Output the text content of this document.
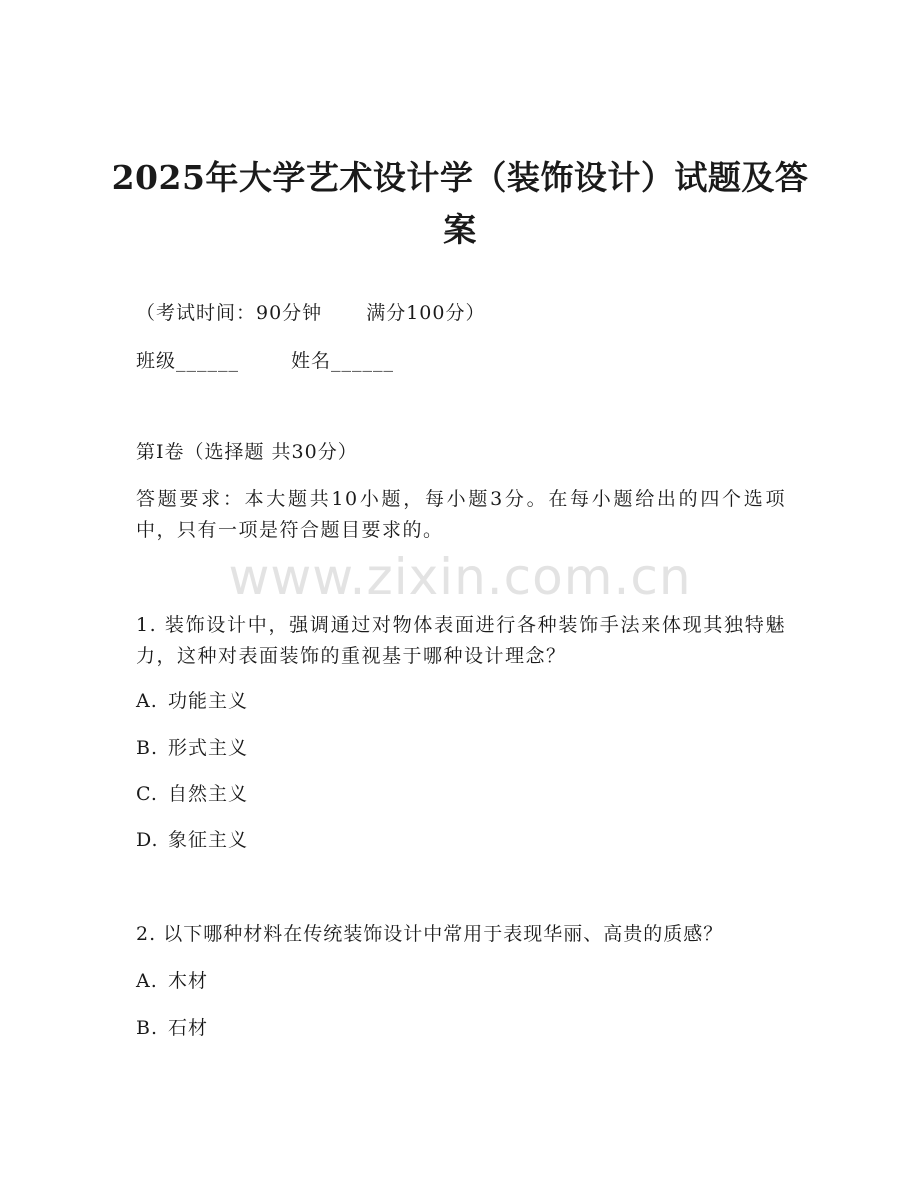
2025年大学艺术设计学（装饰设计）试题及答案
（考试时间：90分钟 满分100分）
班级______	姓名______
第I卷（选择题 共30分）
答题要求：本大题共10小题，每小题3分。在每小题给出的四个选项中，只有一项是符合题目要求的。
www.zixin.com.cn
1. 装饰设计中，强调通过对物体表面进行各种装饰手法来体现其独特魅力，这种对表面装饰的重视基于哪种设计理念？
A. 功能主义
B. 形式主义
C. 自然主义
D. 象征主义
2. 以下哪种材料在传统装饰设计中常用于表现华丽、高贵的质感？
A. 木材
B. 石材
